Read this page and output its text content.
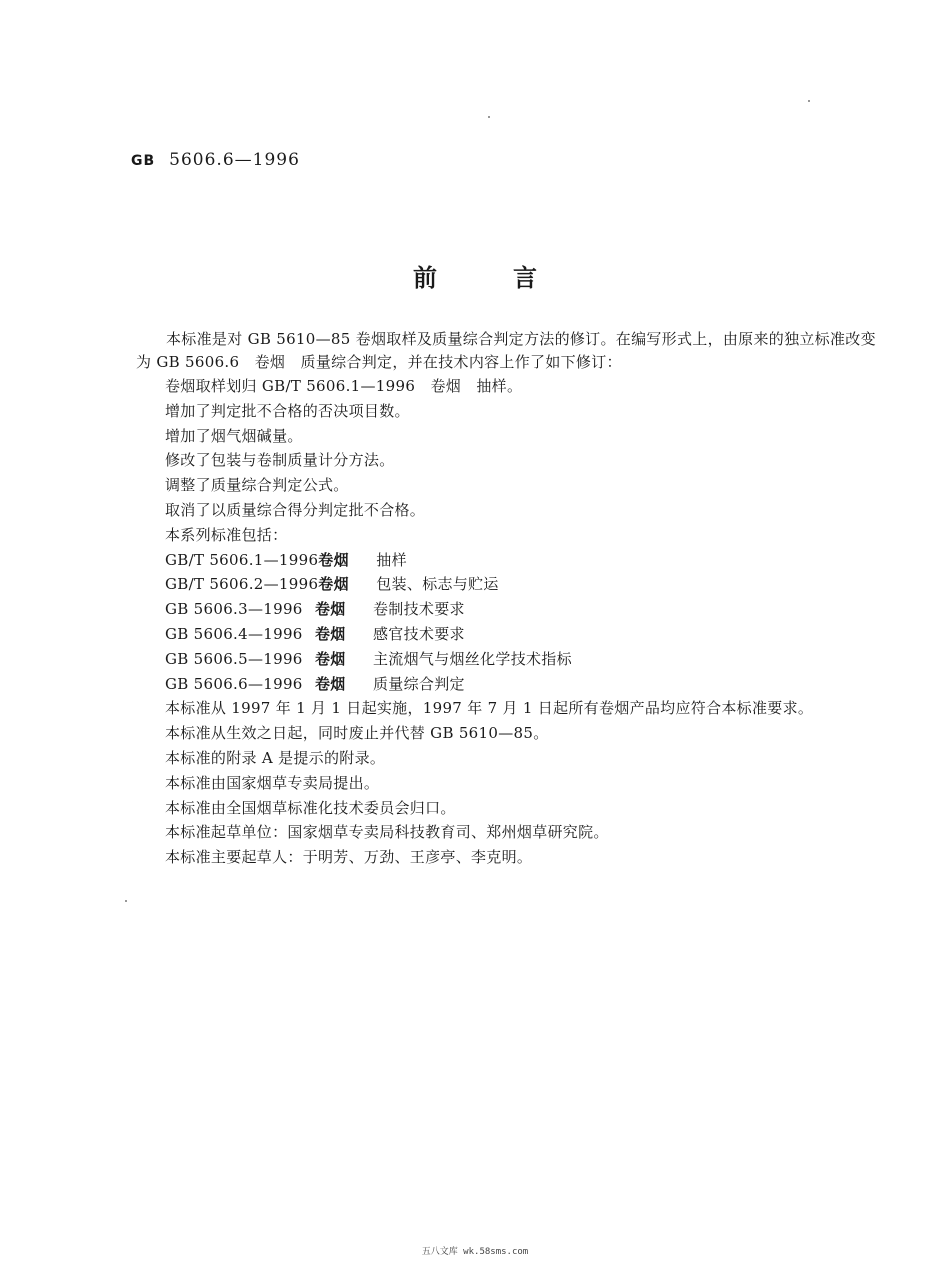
GB 5606.6—1996
前言

本标准是对 GB 5610—85 卷烟取样及质量综合判定方法的修订。在编写形式上，由原来的独立标准改变为 GB 5606.6　卷烟　质量综合判定，并在技术内容上作了如下修订：

卷烟取样划归 GB/T 5606.1—1996　卷烟　抽样。
增加了判定批不合格的否决项目数。
增加了烟气烟碱量。
修改了包装与卷制质量计分方法。
调整了质量综合判定公式。
取消了以质量综合得分判定批不合格。
本系列标准包括：
GB/T 5606.1—1996 卷烟	抽样
GB/T 5606.2—1996 卷烟	包装、标志与贮运
GB 5606.3—1996 卷烟	卷制技术要求
GB 5606.4—1996 卷烟	感官技术要求
GB 5606.5—1996 卷烟	主流烟气与烟丝化学技术指标
GB 5606.6—1996 卷烟	质量综合判定
本标准从 1997 年 1 月 1 日起实施，1997 年 7 月 1 日起所有卷烟产品均应符合本标准要求。
本标准从生效之日起，同时废止并代替 GB 5610—85。
本标准的附录 A 是提示的附录。
本标准由国家烟草专卖局提出。
本标准由全国烟草标准化技术委员会归口。
本标准起草单位：国家烟草专卖局科技教育司、郑州烟草研究院。
本标准主要起草人：于明芳、万劲、王彦亭、李克明。
五八文库 wk.58sms.com
